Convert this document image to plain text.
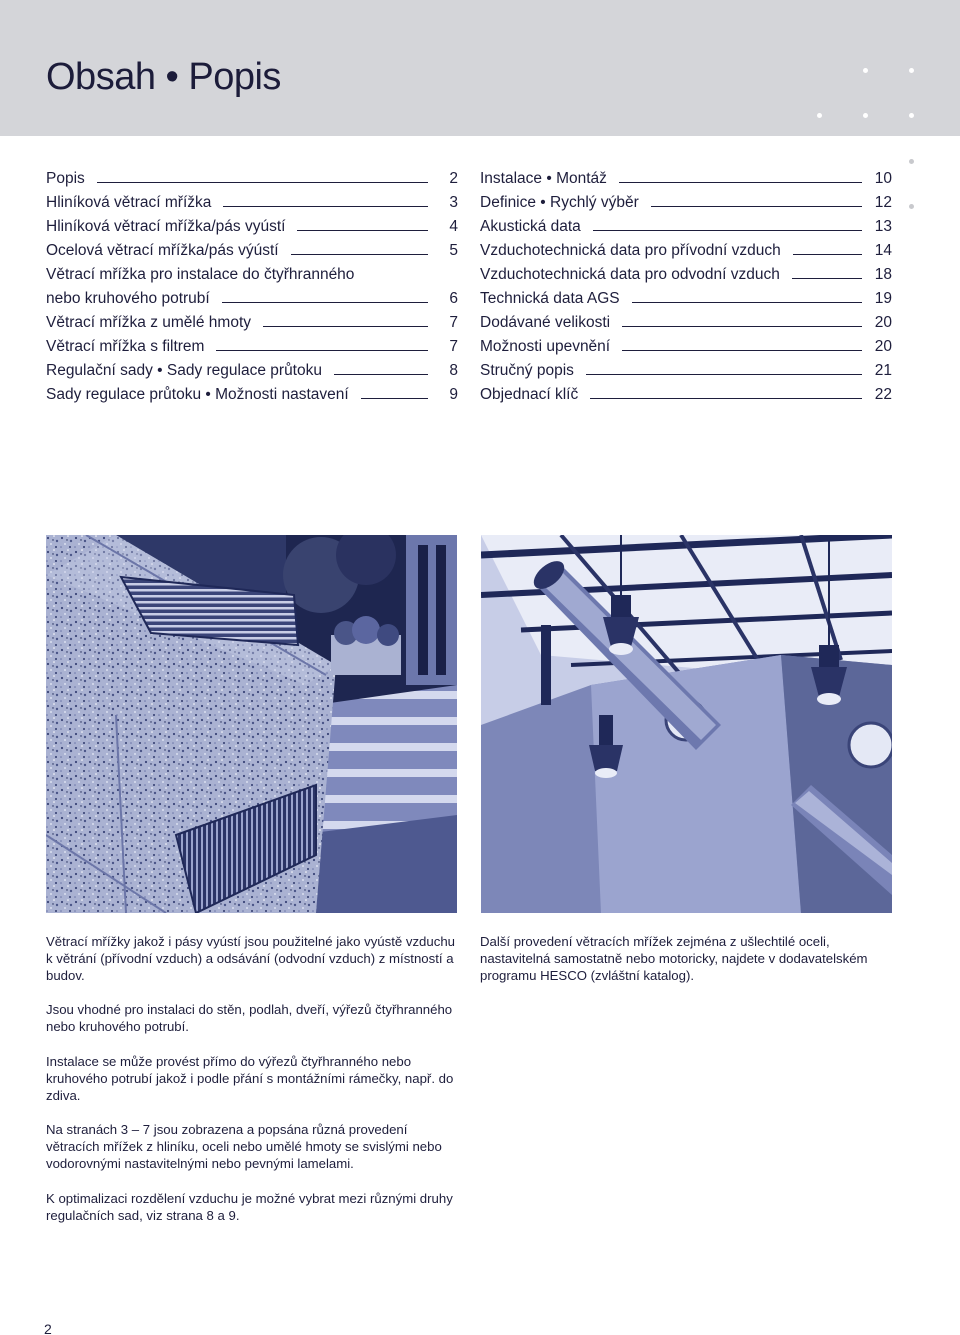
Obsah • Popis
Popis	2
Hliníková větrací mřížka	3
Hliníková větrací mřížka/pás vyústí	4
Ocelová větrací mřížka/pás výústí	5
Větrací mřížka pro instalace do čtyřhranného
nebo kruhového potrubí	6
Větrací mřížka z umělé hmoty	7
Větrací mřížka s filtrem	7
Regulační sady • Sady regulace průtoku	8
Sady regulace průtoku • Možnosti nastavení	9
Instalace • Montáž	10
Definice • Rychlý výběr	12
Akustická data	13
Vzduchotechnická data pro přívodní vzduch	14
Vzduchotechnická data pro odvodní vzduch	18
Technická data AGS	19
Dodávané velikosti	20
Možnosti upevnění	20
Stručný popis	21
Objednací klíč	22

Větrací mřížky jakož i pásy vyústí jsou použitelné jako vyústě vzduchu k větrání (přívodní vzduch) a odsávání (odvodní vzduch) z místností a budov.

Jsou vhodné pro instalaci do stěn, podlah, dveří, výřezů čtyřhranného nebo kruhového potrubí.

Instalace se může provést přímo do výřezů čtyřhranného nebo kruhového potrubí jakož i podle přání s montážními rámečky, např. do zdiva.

Na stranách 3 – 7 jsou zobrazena a popsána různá provedení větracích mřížek z hliníku, oceli nebo umělé hmoty se svislými nebo vodorovnými nastavitelnými nebo pevnými lamelami.

K optimalizaci rozdělení vzduchu je možné vybrat mezi různými druhy regulačních sad, viz strana 8 a 9.

Další provedení větracích mřížek zejména z ušlechtilé oceli, nastavitelná samostatně nebo motoricky, najdete v dodavatelském programu HESCO (zvláštní katalog).

2
